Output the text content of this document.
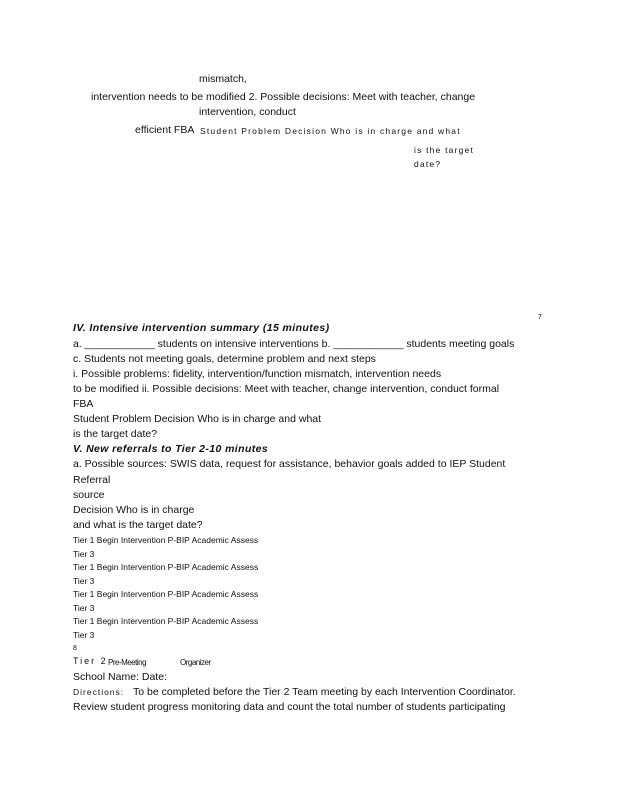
mismatch,
intervention needs to be modified 2. Possible decisions: Meet with teacher, change
intervention, conduct
efficient FBA Student Problem Decision Who is in charge and what
is the target
date?
7
IV. Intensive intervention summary (15 minutes)
a. ____________ students on intensive interventions b. ____________ students meeting goals
c. Students not meeting goals, determine problem and next steps
i. Possible problems: fidelity, intervention/function mismatch, intervention needs
to be modified ii. Possible decisions: Meet with teacher, change intervention, conduct formal
FBA
Student Problem Decision Who is in charge and what
is the target date?
V. New referrals to Tier 2-10 minutes
a. Possible sources: SWIS data, request for assistance, behavior goals added to IEP Student
Referral
source
Decision Who is in charge
and what is the target date?
Tier 1 Begin Intervention P-BIP Academic Assess
Tier 3
Tier 1 Begin Intervention P-BIP Academic Assess
Tier 3
Tier 1 Begin Intervention P-BIP Academic Assess
Tier 3
Tier 1 Begin Intervention P-BIP Academic Assess
Tier 3
8
Tier 2 Pre-Meeting	Organizer
School Name: Date:
Directions: To be completed before the Tier 2 Team meeting by each Intervention Coordinator.
Review student progress monitoring data and count the total number of students participating
